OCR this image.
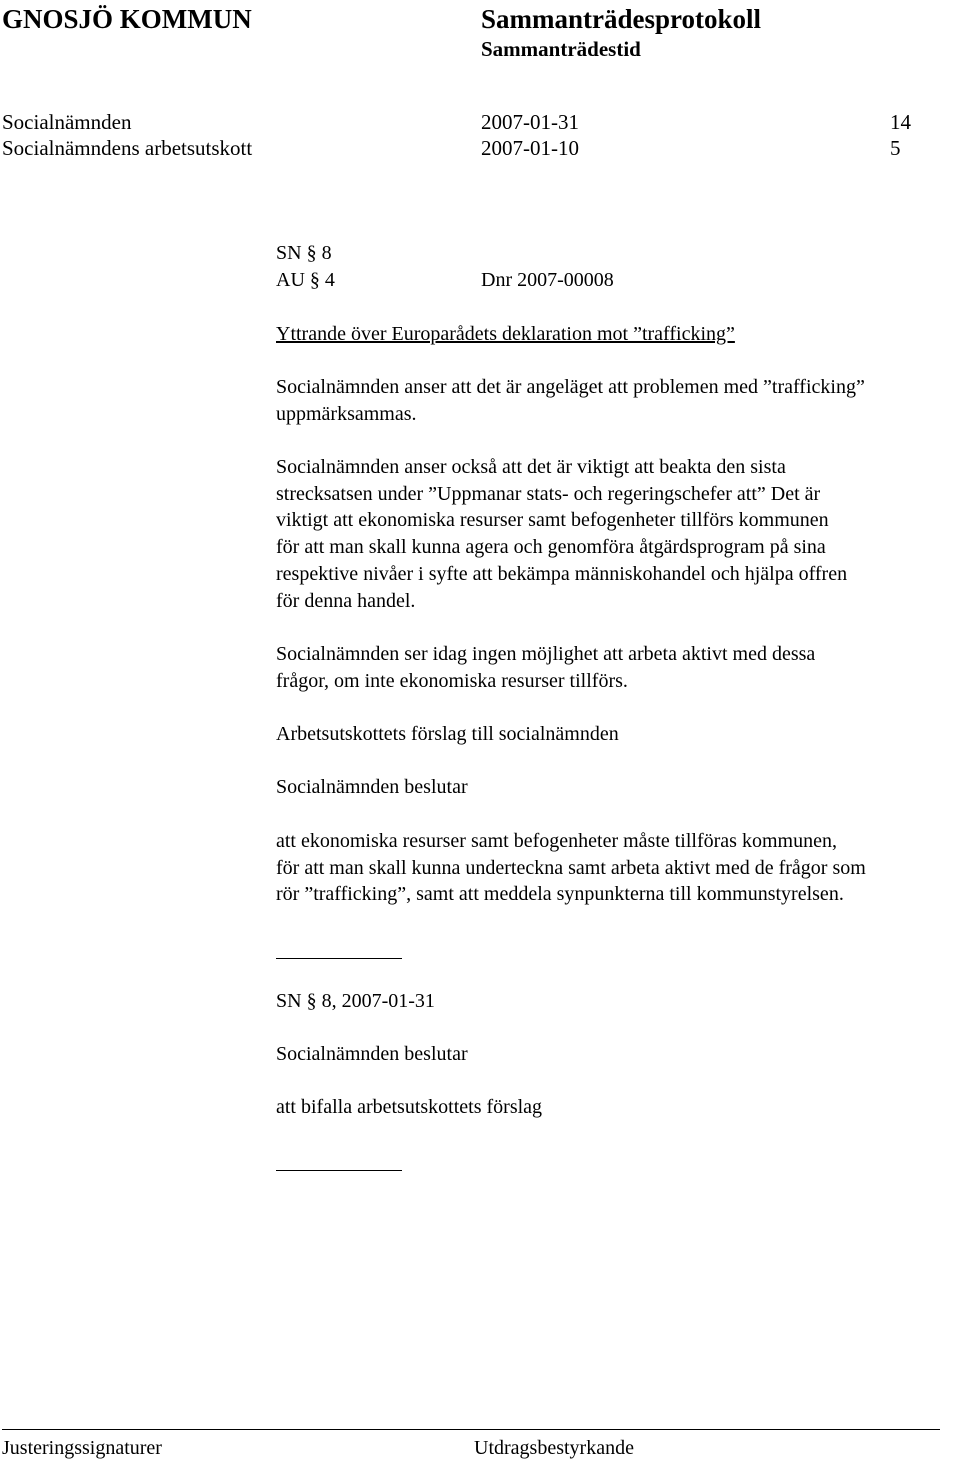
GNOSJÖ KOMMUN	Sammanträdesprotokoll
Sammanträdestid
Socialnämnden	2007-01-31	14
Socialnämndens arbetsutskott	2007-01-10	5
SN § 8
AU § 4	Dnr 2007-00008
Yttrande över Europarådets deklaration mot ”trafficking”
Socialnämnden anser att det är angeläget att problemen med ”trafficking”
uppmärksammas.
Socialnämnden anser också att det är viktigt att beakta den sista
strecksatsen under ”Uppmanar stats- och regeringschefer att” Det är
viktigt att ekonomiska resurser samt befogenheter tillförs kommunen
för att man skall kunna agera och genomföra åtgärdsprogram på sina
respektive nivåer i syfte att bekämpa människohandel och hjälpa offren
för denna handel.
Socialnämnden ser idag ingen möjlighet att arbeta aktivt med dessa
frågor, om inte ekonomiska resurser tillförs.
Arbetsutskottets förslag till socialnämnden
Socialnämnden beslutar
att ekonomiska resurser samt befogenheter måste tillföras kommunen,
för att man skall kunna underteckna samt arbeta aktivt med de frågor som
rör ”trafficking”, samt att meddela synpunkterna till kommunstyrelsen.
SN § 8, 2007-01-31
Socialnämnden beslutar
att bifalla arbetsutskottets förslag
Justeringssignaturer	Utdragsbestyrkande
